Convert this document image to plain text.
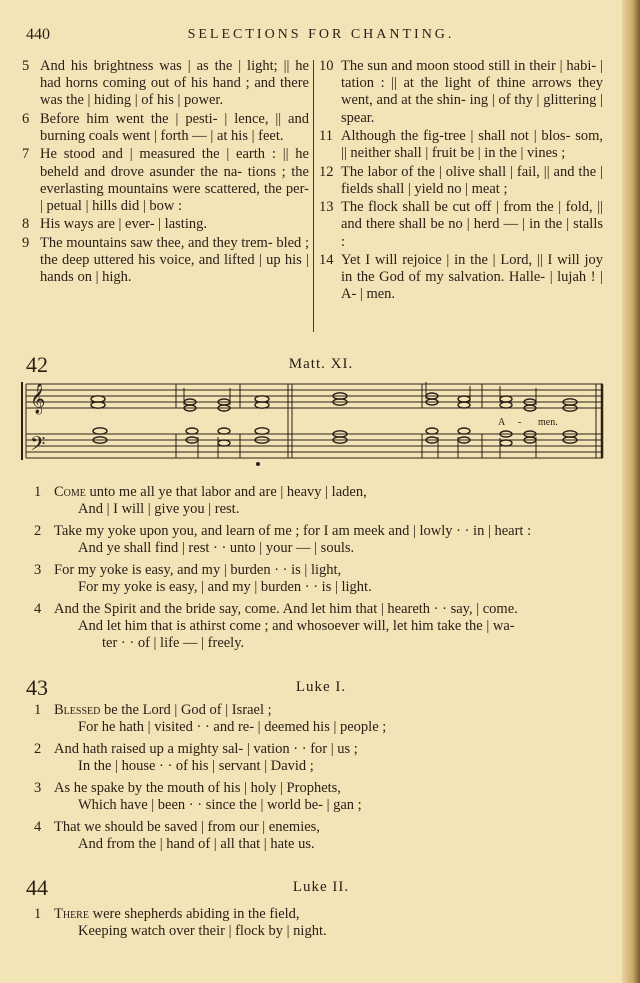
440	SELECTIONS FOR CHANTING.
5 And his brightness was | as the | light; || he had horns coming out of his hand ; and there was the | hiding | of his | power.
6 Before him went the | pesti- | lence, || and burning coals went | forth — | at his | feet.
7 He stood and | measured the | earth : || he beheld and drove asunder the na- tions ; the everlasting mountains were scattered, the per- | petual | hills did | bow :
8 His ways are | ever- | lasting.
9 The mountains saw thee, and they trem- bled ; the deep uttered his voice, and lifted | up his | hands on | high.
10 The sun and moon stood still in their | habi- | tation : || at the light of thine arrows they went, and at the shin- ing | of thy | glittering | spear.
11 Although the fig-tree | shall not | blos- som, || neither shall | fruit be | in the | vines ;
12 The labor of the | olive shall | fail, || and the | fields shall | yield no | meat ;
13 The flock shall be cut off | from the | fold, || and there shall be no | herd — | in the | stalls :
14 Yet I will rejoice | in the | Lord, || I will joy in the God of my salvation. Halle- | lujah ! | A- | men.
42	Matt. XI.
𝄞
𝄢
A - men.
1 Come unto me all ye that labor and are | heavy | laden,
And | I will | give you | rest.
2 Take my yoke upon you, and learn of me ; for I am meek and | lowly · · in | heart :
And ye shall find | rest · · unto | your — | souls.
3 For my yoke is easy, and my | burden · · is | light,
For my yoke is easy, | and my | burden · · is | light.
4 And the Spirit and the bride say, come. And let him that | heareth · · say, | come.
And let him that is athirst come ; and whosoever will, let him take the | wa-
ter · · of | life — | freely.
43	Luke I.
1 Blessed be the Lord | God of | Israel ;
For he hath | visited · · and re- | deemed his | people ;
2 And hath raised up a mighty sal- | vation · · for | us ;
In the | house · · of his | servant | David ;
3 As he spake by the mouth of his | holy | Prophets,
Which have | been · · since the | world be- | gan ;
4 That we should be saved | from our | enemies,
And from the | hand of | all that | hate us.
44	Luke II.
1 There were shepherds abiding in the field,
Keeping watch over their | flock by | night.
